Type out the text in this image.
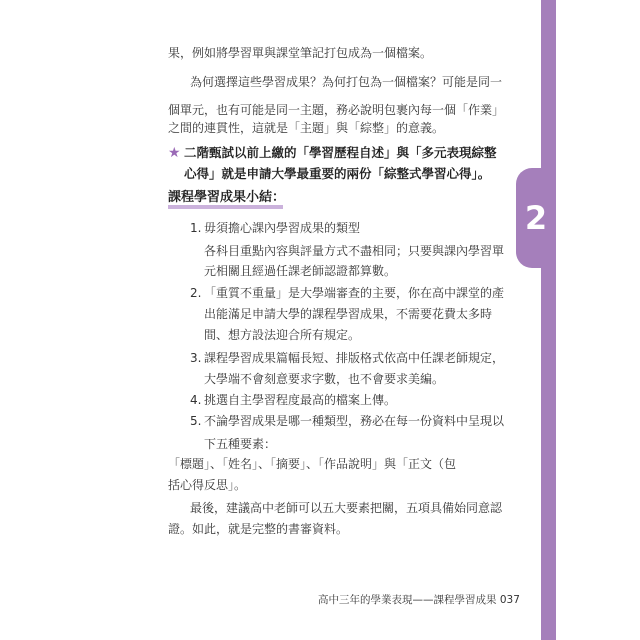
2
果，例如將學習單與課堂筆記打包成為一個檔案。
為何選擇這些學習成果？為何打包為一個檔案？可能是同一
個單元，也有可能是同一主題，務必說明包裹內每一個「作業」
之間的連貫性，這就是「主題」與「綜整」的意義。
★ 二階甄試以前上繳的「學習歷程自述」與「多元表現綜整
心得」就是申請大學最重要的兩份「綜整式學習心得」。
課程學習成果小結：
1. 毋須擔心課內學習成果的類型
各科目重點內容與評量方式不盡相同；只要與課內學習單
元相關且經過任課老師認證都算數。
2. 「重質不重量」是大學端審查的主要，你在高中課堂的產
出能滿足申請大學的課程學習成果，不需要花費太多時
間、想方設法迎合所有規定。
3. 課程學習成果篇幅長短、排版格式依高中任課老師規定，
大學端不會刻意要求字數，也不會要求美編。
4. 挑選自主學習程度最高的檔案上傳。
5. 不論學習成果是哪一種類型，務必在每一份資料中呈現以
下五種要素：
「標題」、「姓名」、「摘要」、「作品說明」與「正文（包
括心得反思」。
最後，建議高中老師可以五大要素把關，五項具備始同意認
證。如此，就是完整的書審資料。
高中三年的學業表現——課程學習成果 037
